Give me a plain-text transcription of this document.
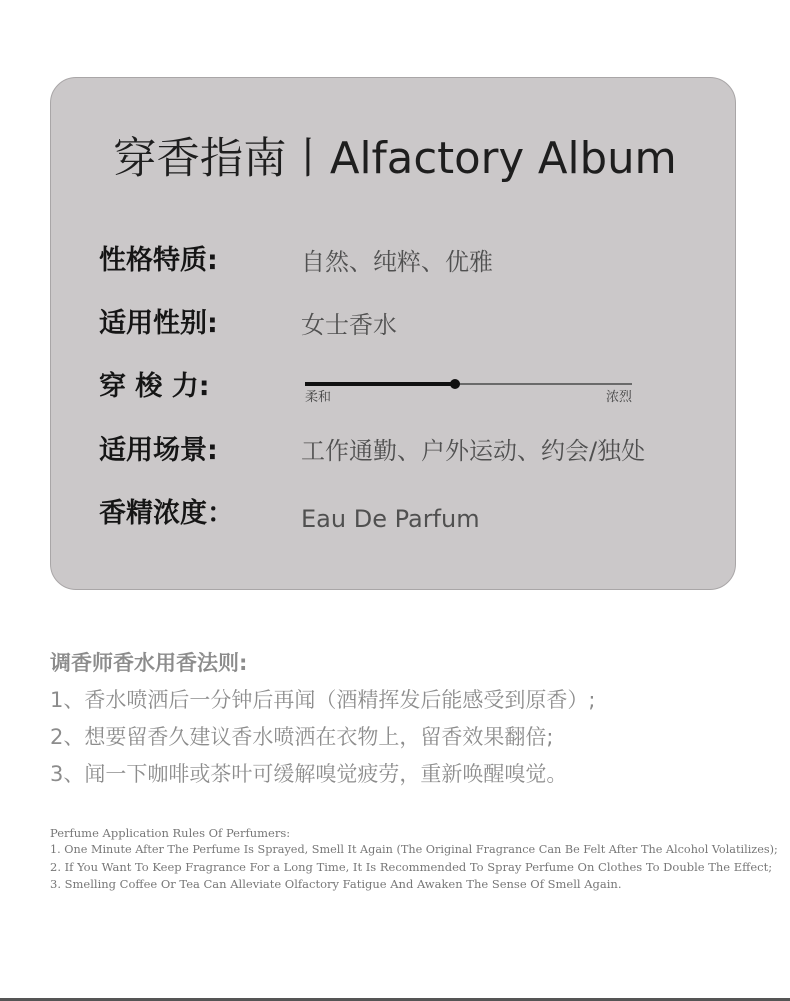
穿香指南丨Alfactory Album
性格特质:	自然、纯粹、优雅
适用性别:	女士香水
穿 梭 力:	柔和	浓烈
适用场景:	工作通勤、户外运动、约会/独处
香精浓度：	Eau De Parfum
调香师香水用香法则:
1、香水喷洒后一分钟后再闻（酒精挥发后能感受到原香）;
2、想要留香久建议香水喷洒在衣物上，留香效果翻倍;
3、闻一下咖啡或茶叶可缓解嗅觉疲劳，重新唤醒嗅觉。
Perfume Application Rules Of Perfumers:
1. One Minute After The Perfume Is Sprayed, Smell It Again (The Original Fragrance Can Be Felt After The Alcohol Volatilizes);
2. If You Want To Keep Fragrance For a Long Time, It Is Recommended To Spray Perfume On Clothes To Double The Effect;
3. Smelling Coffee Or Tea Can Alleviate Olfactory Fatigue And Awaken The Sense Of Smell Again.
